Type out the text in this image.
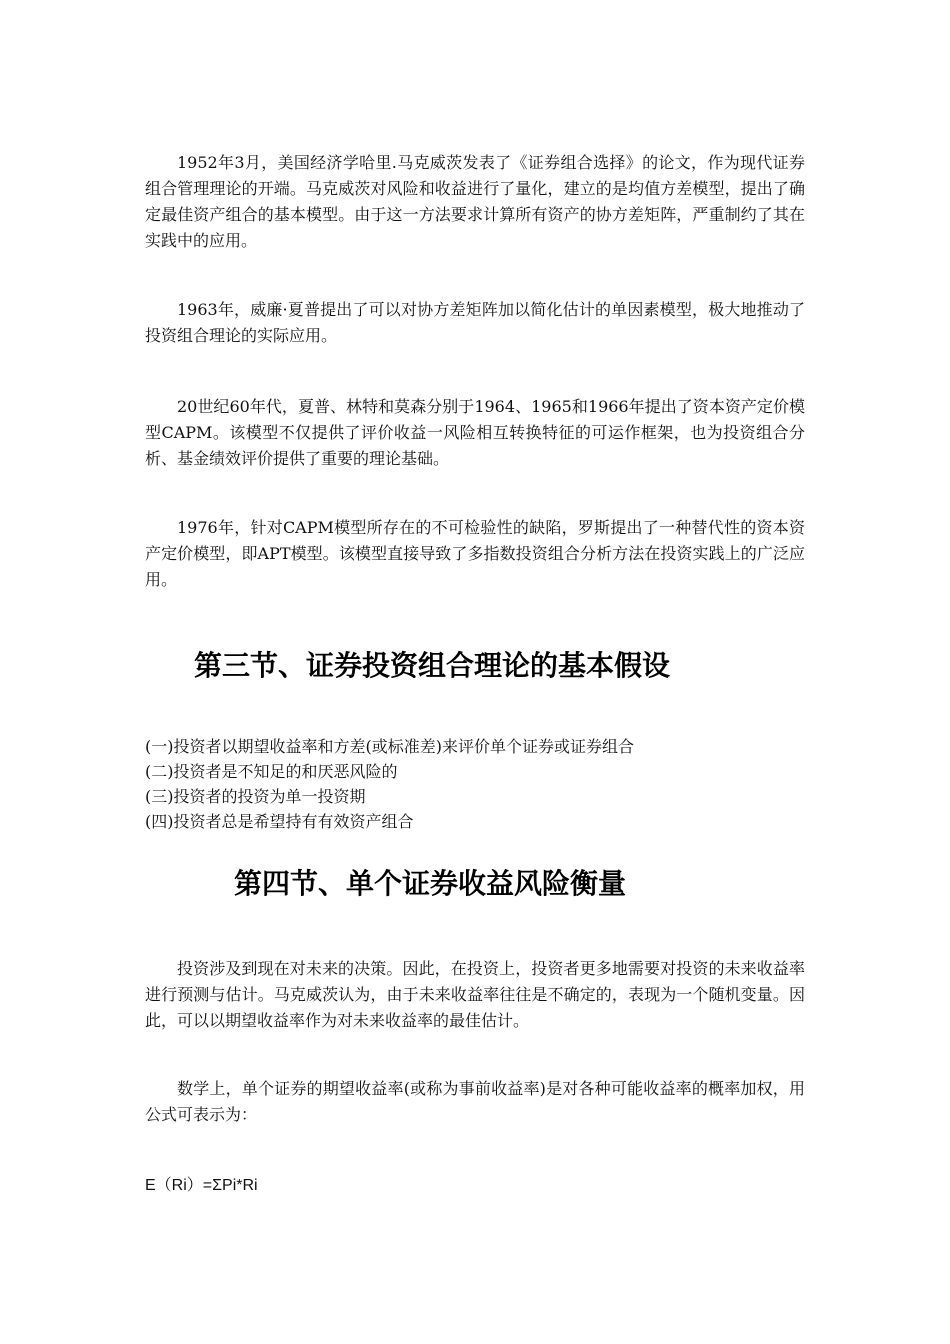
1952年3月，美国经济学哈里.马克威茨发表了《证券组合选择》的论文，作为现代证券组合管理理论的开端。马克威茨对风险和收益进行了量化，建立的是均值方差模型，提出了确定最佳资产组合的基本模型。由于这一方法要求计算所有资产的协方差矩阵，严重制约了其在实践中的应用。

1963年，威廉·夏普提出了可以对协方差矩阵加以简化估计的单因素模型，极大地推动了投资组合理论的实际应用。

20世纪60年代，夏普、林特和莫森分别于1964、1965和1966年提出了资本资产定价模型CAPM。该模型不仅提供了评价收益一风险相互转换特征的可运作框架，也为投资组合分析、基金绩效评价提供了重要的理论基础。

1976年，针对CAPM模型所存在的不可检验性的缺陷，罗斯提出了一种替代性的资本资产定价模型，即APT模型。该模型直接导致了多指数投资组合分析方法在投资实践上的广泛应用。

第三节、证券投资组合理论的基本假设
(一)投资者以期望收益率和方差(或标准差)来评价单个证券或证券组合
(二)投资者是不知足的和厌恶风险的
(三)投资者的投资为单一投资期
(四)投资者总是希望持有有效资产组合
第四节、单个证券收益风险衡量

投资涉及到现在对未来的决策。因此，在投资上，投资者更多地需要对投资的未来收益率进行预测与估计。马克威茨认为，由于未来收益率往往是不确定的，表现为一个随机变量。因此，可以以期望收益率作为对未来收益率的最佳估计。

数学上，单个证券的期望收益率(或称为事前收益率)是对各种可能收益率的概率加权，用公式可表示为：

E（Ri）=ΣPi*Ri
